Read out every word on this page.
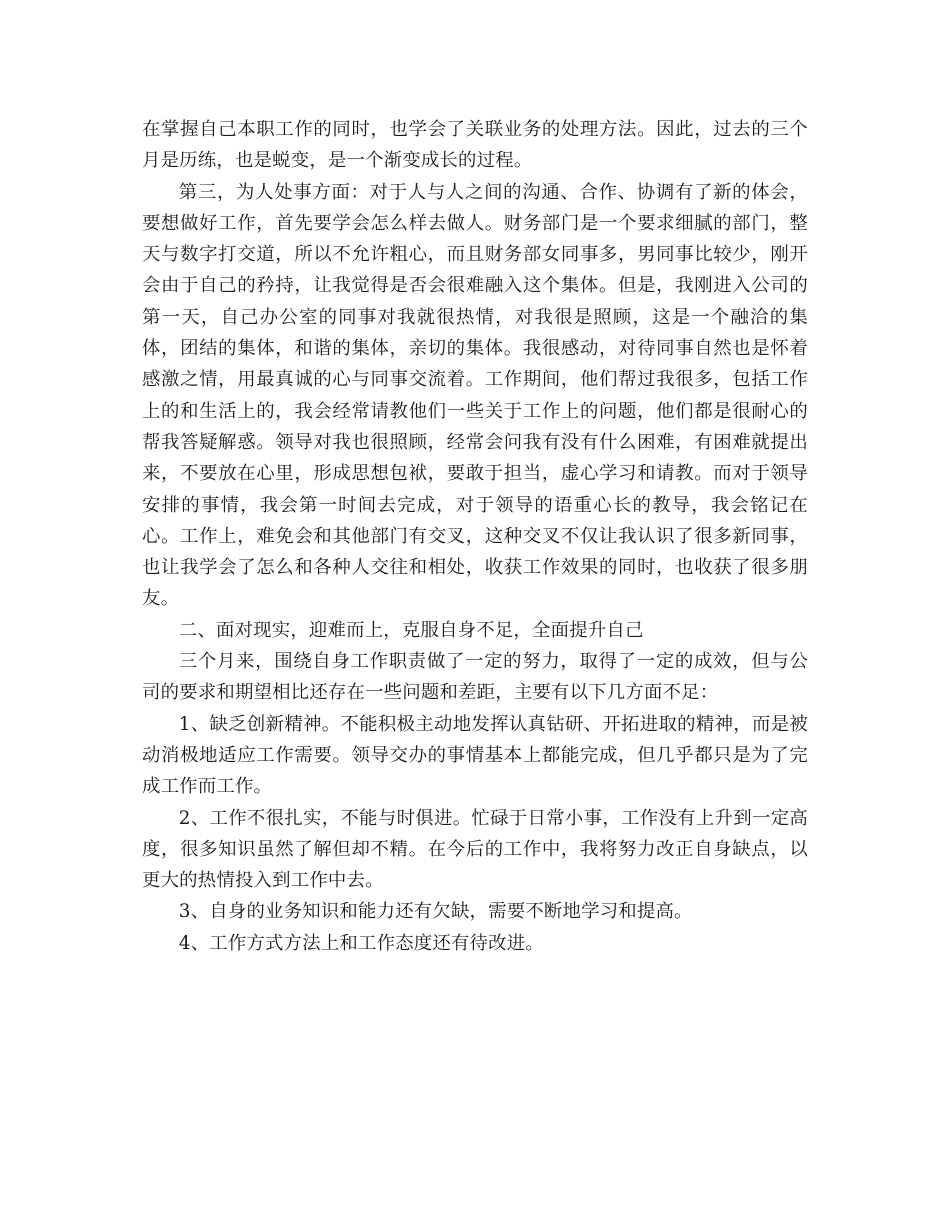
在掌握自己本职工作的同时，也学会了关联业务的处理方法。因此，过去的三个月是历练，也是蜕变，是一个渐变成长的过程。

第三，为人处事方面：对于人与人之间的沟通、合作、协调有了新的体会，要想做好工作，首先要学会怎么样去做人。财务部门是一个要求细腻的部门，整天与数字打交道，所以不允许粗心，而且财务部女同事多，男同事比较少，刚开会由于自己的矜持，让我觉得是否会很难融入这个集体。但是，我刚进入公司的第一天，自己办公室的同事对我就很热情，对我很是照顾，这是一个融洽的集体，团结的集体，和谐的集体，亲切的集体。我很感动，对待同事自然也是怀着感激之情，用最真诚的心与同事交流着。工作期间，他们帮过我很多，包括工作上的和生活上的，我会经常请教他们一些关于工作上的问题，他们都是很耐心的帮我答疑解惑。领导对我也很照顾，经常会问我有没有什么困难，有困难就提出来，不要放在心里，形成思想包袱，要敢于担当，虚心学习和请教。而对于领导安排的事情，我会第一时间去完成，对于领导的语重心长的教导，我会铭记在心。工作上，难免会和其他部门有交叉，这种交叉不仅让我认识了很多新同事，也让我学会了怎么和各种人交往和相处，收获工作效果的同时，也收获了很多朋友。

二、面对现实，迎难而上，克服自身不足，全面提升自己

三个月来，围绕自身工作职责做了一定的努力，取得了一定的成效，但与公司的要求和期望相比还存在一些问题和差距，主要有以下几方面不足：

1、缺乏创新精神。不能积极主动地发挥认真钻研、开拓进取的精神，而是被动消极地适应工作需要。领导交办的事情基本上都能完成，但几乎都只是为了完成工作而工作。

2、工作不很扎实，不能与时俱进。忙碌于日常小事，工作没有上升到一定高度，很多知识虽然了解但却不精。在今后的工作中，我将努力改正自身缺点，以更大的热情投入到工作中去。

3、自身的业务知识和能力还有欠缺，需要不断地学习和提高。

4、工作方式方法上和工作态度还有待改进。
